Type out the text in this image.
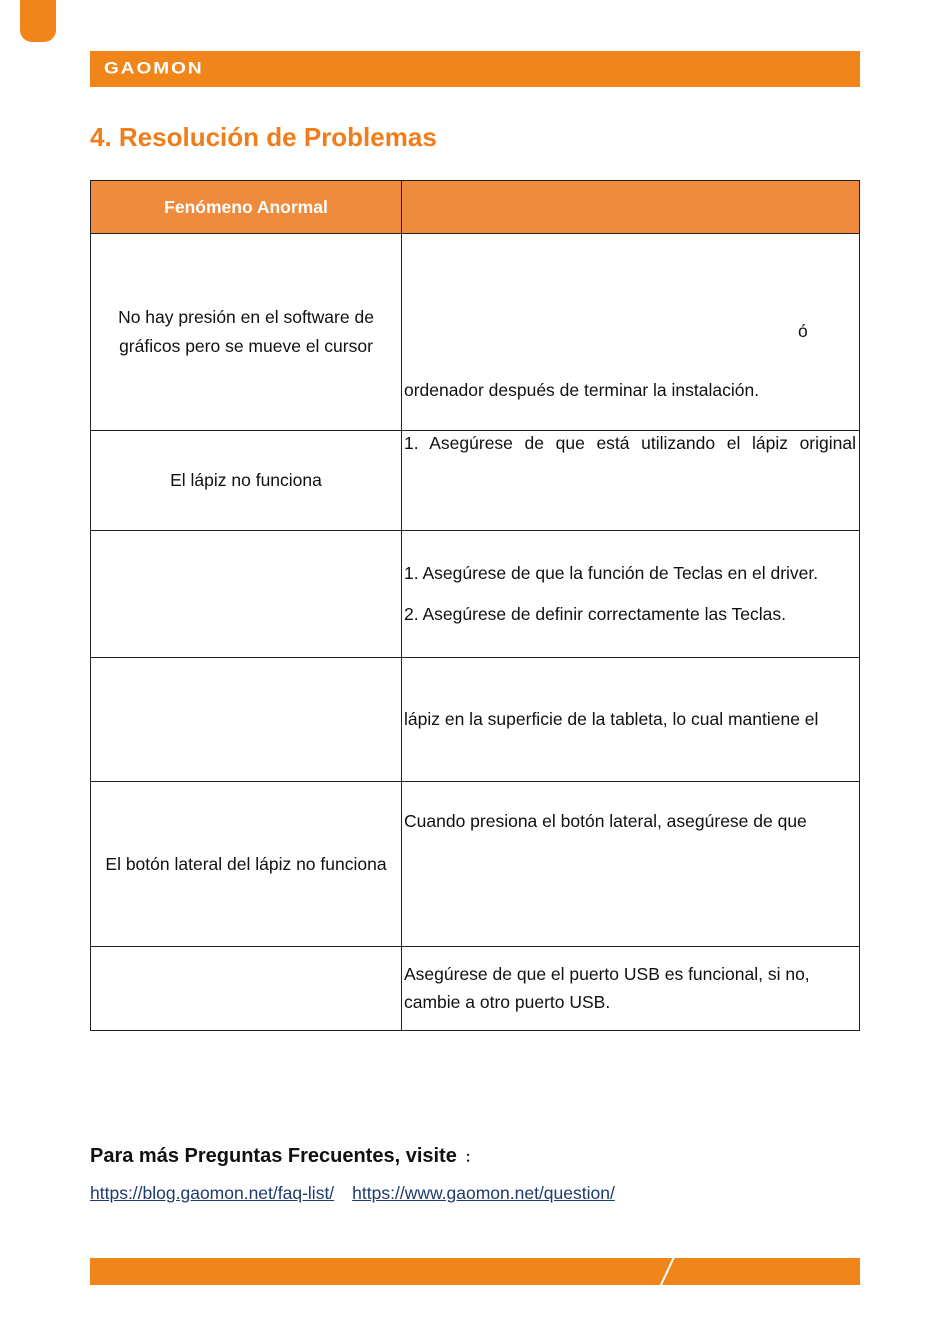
GAOMON
4. Resolución de Problemas
Fenómeno Anormal	
No hay presión en el software de gráficos pero se mueve el cursor	ó
ordenador después de terminar la instalación.

El lápiz no funciona	1. Asegúrese de que está utilizando el lápiz original

	1. Asegúrese de que la función de Teclas en el driver.
2. Asegúrese de definir correctamente las Teclas.

	lápiz en la superficie de la tableta, lo cual mantiene el

El botón lateral del lápiz no funciona	Cuando presiona el botón lateral, asegúrese de que

	Asegúrese de que el puerto USB es funcional, si no,
cambie a otro puerto USB.
Para más Preguntas Frecuentes, visite ：
https://blog.gaomon.net/faq-list/ https://www.gaomon.net/question/
